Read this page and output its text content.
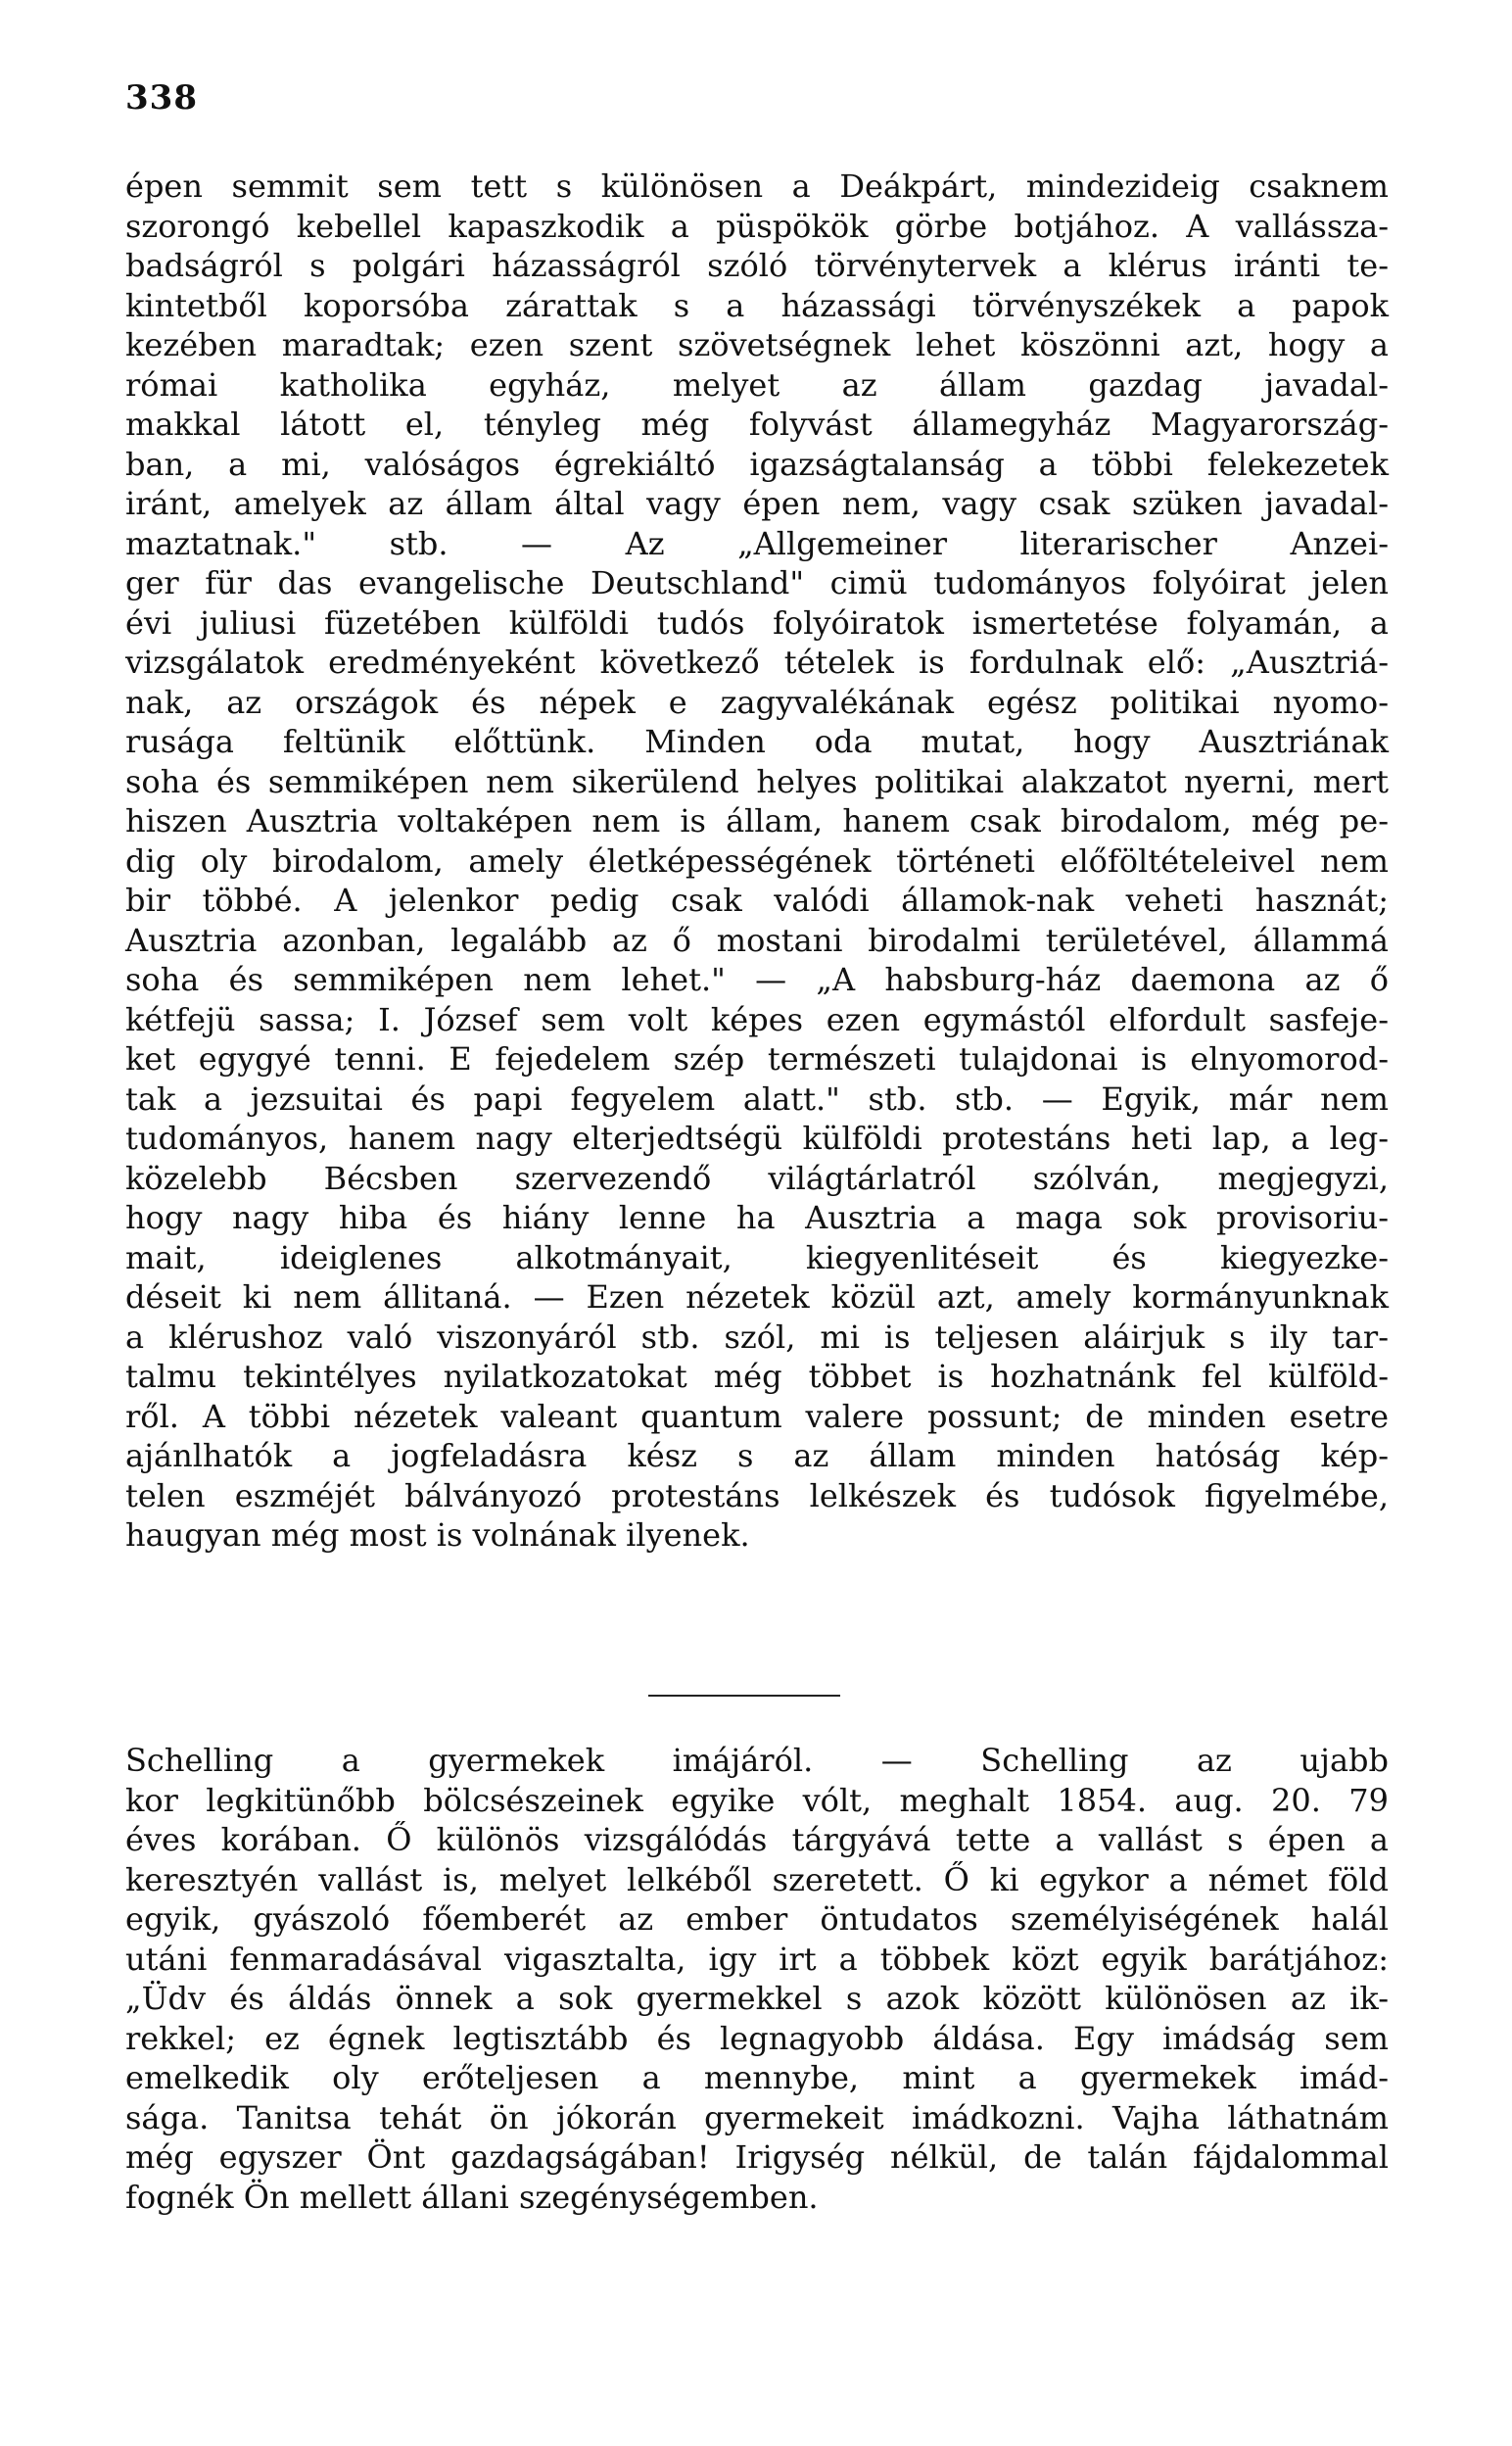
338
épen semmit sem tett s különösen a Deákpárt, mindezideig csaknem
szorongó kebellel kapaszkodik a püspökök görbe botjához. A vallássza-
badságról s polgári házasságról szóló törvénytervek a klérus iránti te-
kintetből koporsóba zárattak s a házassági törvényszékek a papok
kezében maradtak; ezen szent szövetségnek lehet köszönni azt, hogy a
római katholika egyház, melyet az állam gazdag javadal-
makkal látott el, tényleg még folyvást államegyház Magyarország-
ban, a mi, valóságos égrekiáltó igazságtalanság a többi felekezetek
iránt, amelyek az állam által vagy épen nem, vagy csak szüken javadal-
maztatnak." stb. — Az „Allgemeiner literarischer Anzei-
ger für das evangelische Deutschland" cimü tudományos folyóirat jelen
évi juliusi füzetében külföldi tudós folyóiratok ismertetése folyamán, a
vizsgálatok eredményeként következő tételek is fordulnak elő: „Ausztriá-
nak, az országok és népek e zagyvalékának egész politikai nyomo-
rusága feltünik előttünk. Minden oda mutat, hogy Ausztriának
soha és semmiképen nem sikerülend helyes politikai alakzatot nyerni, mert
hiszen Ausztria voltaképen nem is állam, hanem csak birodalom, még pe-
dig oly birodalom, amely életképességének történeti előföltételeivel nem
bir többé. A jelenkor pedig csak valódi államok-nak veheti hasznát;
Ausztria azonban, legalább az ő mostani birodalmi területével, állammá
soha és semmiképen nem lehet." — „A habsburg-ház daemona az ő
kétfejü sassa; I. József sem volt képes ezen egymástól elfordult sasfeje-
ket egygyé tenni. E fejedelem szép természeti tulajdonai is elnyomorod-
tak a jezsuitai és papi fegyelem alatt." stb. stb. — Egyik, már nem
tudományos, hanem nagy elterjedtségü külföldi protestáns heti lap, a leg-
közelebb Bécsben szervezendő világtárlatról szólván, megjegyzi,
hogy nagy hiba és hiány lenne ha Ausztria a maga sok provisoriu-
mait, ideiglenes alkotmányait, kiegyenlitéseit és kiegyezke-
déseit ki nem állitaná. — Ezen nézetek közül azt, amely kormányunknak
a klérushoz való viszonyáról stb. szól, mi is teljesen aláirjuk s ily tar-
talmu tekintélyes nyilatkozatokat még többet is hozhatnánk fel külföld-
ről. A többi nézetek valeant quantum valere possunt; de minden esetre
ajánlhatók a jogfeladásra kész s az állam minden hatóság kép-
telen eszméjét bálványozó protestáns lelkészek és tudósok figyelmébe,
haugyan még most is volnának ilyenek.
Schelling a gyermekek imájáról. — Schelling az ujabb
kor legkitünőbb bölcsészeinek egyike vólt, meghalt 1854. aug. 20. 79
éves korában. Ő különös vizsgálódás tárgyává tette a vallást s épen a
keresztyén vallást is, melyet lelkéből szeretett. Ő ki egykor a német föld
egyik, gyászoló főemberét az ember öntudatos személyiségének halál
utáni fenmaradásával vigasztalta, igy irt a többek közt egyik barátjához:
„Üdv és áldás önnek a sok gyermekkel s azok között különösen az ik-
rekkel; ez égnek legtisztább és legnagyobb áldása. Egy imádság sem
emelkedik oly erőteljesen a mennybe, mint a gyermekek imád-
sága. Tanitsa tehát ön jókorán gyermekeit imádkozni. Vajha láthatnám
még egyszer Önt gazdagságában! Irigység nélkül, de talán fájdalommal
fognék Ön mellett állani szegénységemben.
